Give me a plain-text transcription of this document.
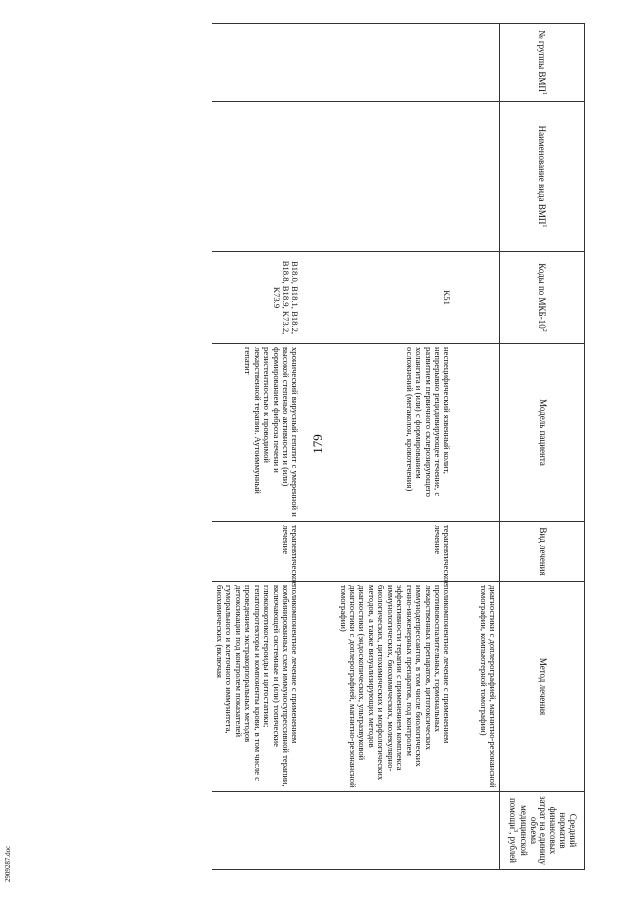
179
2909287.doc
№ группы ВМП$^1$	Наименование вида ВМП$^1$	Коды по МКБ-$10^2$	Модель пациента	Вид лечения	Метод лечения	Средний норматив финансовых затрат на единицу объема медицинской помощи$^3$, рублей
					диагностики с доплерографией, магнитно-резонансной томографии, компьютерной томографии)	
		K51	неспецифический язвенный колит, непрерывно рецидивирующее течение, с развитием первичного склерозирующего холангита и (или) с формированием осложнений (мегаколон, кровотечения)	терапевтическое лечение	поликомпонентное лечение с применением противовоспалительных, гормональных лекарственных препаратов, цитотоксических иммунодепрессантов, в том числе биологических генно-инженерных препаратов, под контролем эффективности терапии с применением комплекса иммунологических, биохимических, молекулярно-биологических, цитохимических и морфологических методов, а также визуализирующих методов диагностики (эндоскопических, ультразвуковой диагностики с доплерографией, магнитно-резонансной томографии)	
		B18.0, B18.1, B18.2, B18.8, B18.9, K73.2, K73.9	хронический вирусный гепатит с умеренной и высокой степенью активности и (или) формированием фиброза печени и резистентностью к проводимой лекарственной терапии. Аутоиммунный гепатит	терапевтическое лечение	поликомпонентное лечение с применением комбинированных схем иммуносупрессивной терапии, включающей системные и (или) топические глюкокортикостероиды и цитостатики; гепатопротекторы и компоненты крови, в том числе с проведением экстракорпоральных методов детоксикации под контролем показателей гуморального и клеточного иммунитета, биохимических (включая	
